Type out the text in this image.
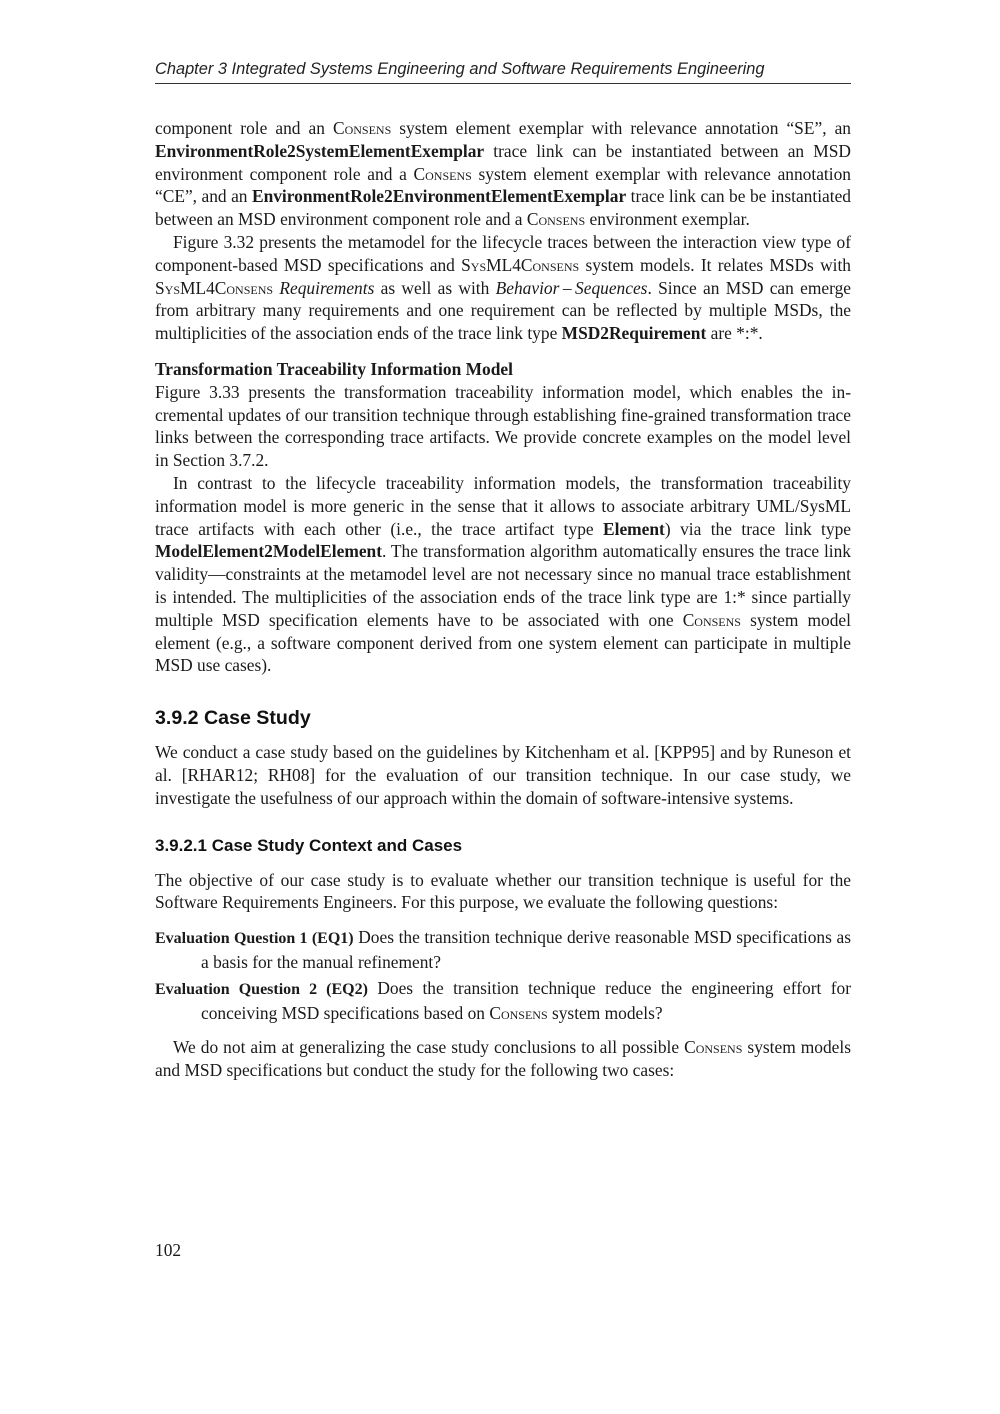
Chapter 3 Integrated Systems Engineering and Software Requirements Engineering

component role and an Consens system element exemplar with relevance annotation “SE”, an EnvironmentRole2SystemElementExemplar trace link can be instantiated between an MSD environment component role and a Consens system element exemplar with relevance annotation “CE”, and an EnvironmentRole2EnvironmentElementExemplar trace link can be be instantiated between an MSD environment component role and a Consens environment exemplar.

Figure 3.32 presents the metamodel for the lifecycle traces between the interaction view type of component-based MSD specifications and SysML4Consens system models. It relates MSDs with SysML4Consens Requirements as well as with Behavior – Sequences. Since an MSD can emerge from arbitrary many requirements and one requirement can be reflected by multiple MSDs, the multiplicities of the association ends of the trace link type MSD2Requirement are *:*.

Transformation Traceability Information Model

Figure 3.33 presents the transformation traceability information model, which enables the incremental updates of our transition technique through establishing fine-grained transformation trace links between the corresponding trace artifacts. We provide concrete examples on the model level in Section 3.7.2.

In contrast to the lifecycle traceability information models, the transformation traceability information model is more generic in the sense that it allows to associate arbitrary UML/SysML trace artifacts with each other (i.e., the trace artifact type Element) via the trace link type ModelElement2ModelElement. The transformation algorithm automatically ensures the trace link validity—constraints at the metamodel level are not necessary since no manual trace establishment is intended. The multiplicities of the association ends of the trace link type are 1:* since partially multiple MSD specification elements have to be associated with one Consens system model element (e.g., a software component derived from one system element can participate in multiple MSD use cases).

3.9.2 Case Study

We conduct a case study based on the guidelines by Kitchenham et al. [KPP95] and by Runeson et al. [RHAR12; RH08] for the evaluation of our transition technique. In our case study, we investigate the usefulness of our approach within the domain of software-intensive systems.

3.9.2.1 Case Study Context and Cases

The objective of our case study is to evaluate whether our transition technique is useful for the Software Requirements Engineers. For this purpose, we evaluate the following questions:

Evaluation Question 1 (EQ1) Does the transition technique derive reasonable MSD specifications as a basis for the manual refinement?
Evaluation Question 2 (EQ2) Does the transition technique reduce the engineering effort for conceiving MSD specifications based on Consens system models?

We do not aim at generalizing the case study conclusions to all possible Consens system models and MSD specifications but conduct the study for the following two cases:

102
